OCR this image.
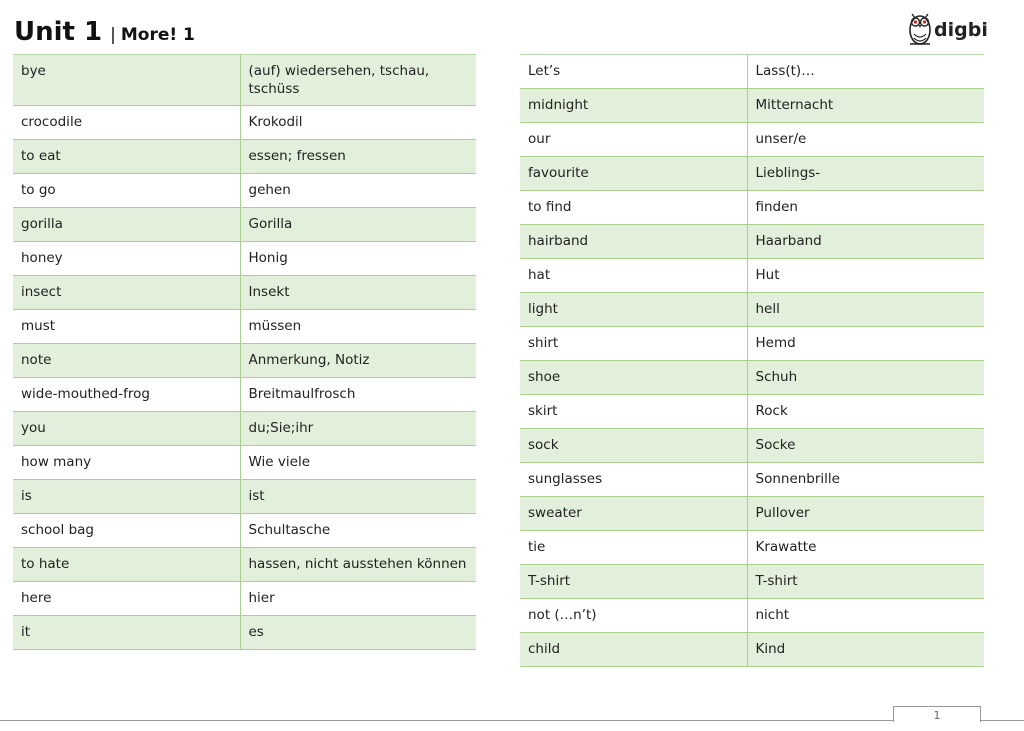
Unit 1 | More! 1	digbi
bye	(auf) wiedersehen, tschau, tschüss
crocodile	Krokodil
to eat	essen; fressen
to go	gehen
gorilla	Gorilla
honey	Honig
insect	Insekt
must	müssen
note	Anmerkung, Notiz
wide-mouthed-frog	Breitmaulfrosch
you	du;Sie;ihr
how many	Wie viele
is	ist
school bag	Schultasche
to hate	hassen, nicht ausstehen können
here	hier
it	es
Let’s	Lass(t)…
midnight	Mitternacht
our	unser/e
favourite	Lieblings-
to find	finden
hairband	Haarband
hat	Hut
light	hell
shirt	Hemd
shoe	Schuh
skirt	Rock
sock	Socke
sunglasses	Sonnenbrille
sweater	Pullover
tie	Krawatte
T-shirt	T-shirt
not (…n’t)	nicht
child	Kind
1
